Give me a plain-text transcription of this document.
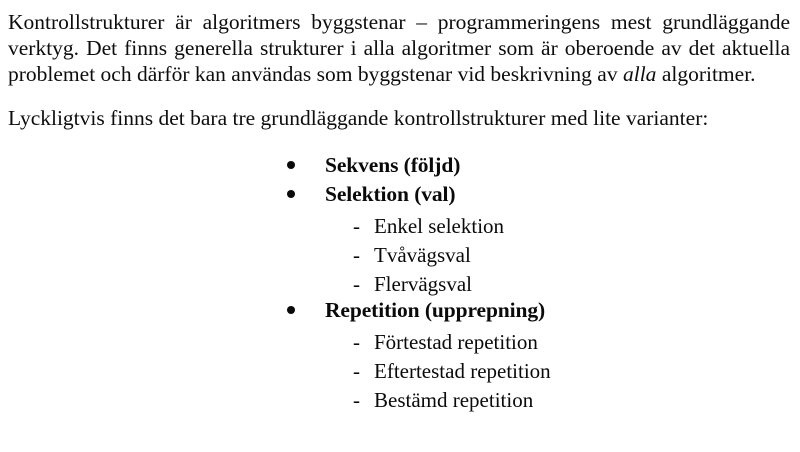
Kontrollstrukturer är algoritmers byggstenar – programmeringens mest grundläggande verktyg. Det finns generella strukturer i alla algoritmer som är oberoende av det aktuella problemet och därför kan användas som byggstenar vid beskrivning av alla algoritmer.

Lyckligtvis finns det bara tre grundläggande kontrollstrukturer med lite varianter:

Sekvens (följd)
Selektion (val)
- Enkel selektion
- Tvåvägsval
- Flervägsval
Repetition (upprepning)
- Förtestad repetition
- Eftertestad repetition
- Bestämd repetition
